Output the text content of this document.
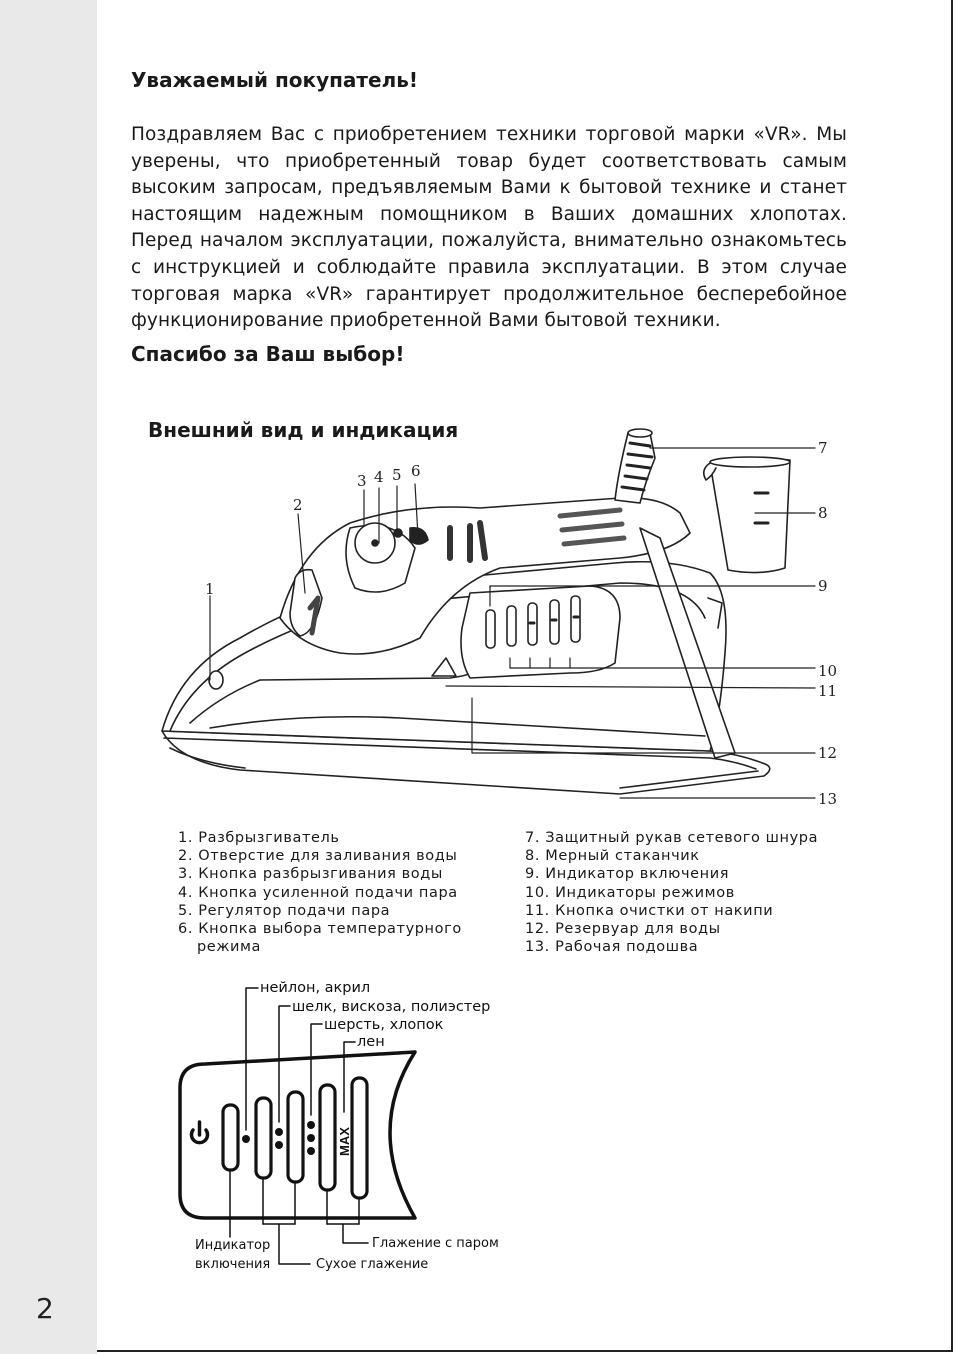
2
Уважаемый покупатель!

Поздравляем Вас с приобретением техники торговой марки «VR». Мы уверены, что приобретенный товар будет соответствовать самым высоким запросам, предъявляемым Вами к бытовой технике и станет настоящим надежным помощником в Ваших домашних хлопотах. Перед началом эксплуатации, пожалуйста, внимательно ознакомьтесь с инструкцией и соблюдайте правила эксплуатации. В этом случае торговая марка «VR» гарантирует продолжительное бесперебойное функционирование приобретенной Вами бытовой техники.

Спасибо за Ваш выбор!
Внешний вид и индикация
1
2
3 4 5 6
7
8
9
10
11
12
13
1. Разбрызгиватель
2. Отверстие для заливания воды
3. Кнопка разбрызгивания воды
4. Кнопка усиленной подачи пара
5. Регулятор подачи пара
6. Кнопка выбора температурного
режима
7. Защитный рукав сетевого шнура
8. Мерный стаканчик
9. Индикатор включения
10. Индикаторы режимов
11. Кнопка очистки от накипи
12. Резервуар для воды
13. Рабочая подошва
MAX
нейлон, акрил
шелк, вискоза, полиэстер
шерсть, хлопок
лен
Индикатор
включения	Сухое глажение
Глажение с паром
